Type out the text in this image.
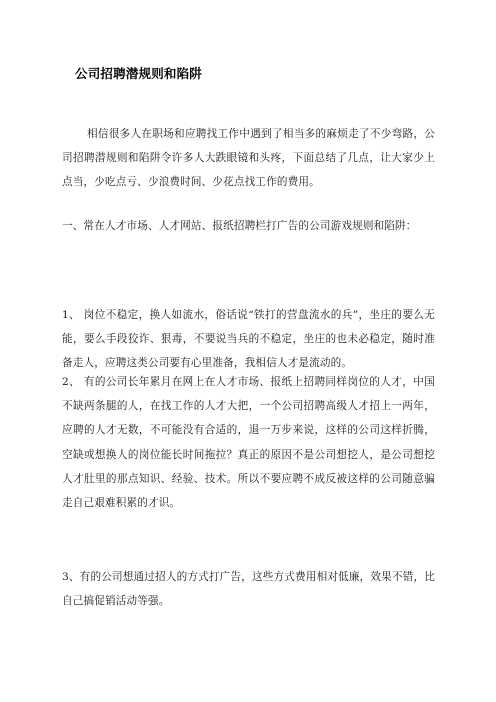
公司招聘潜规则和陷阱

相信很多人在职场和应聘找工作中遇到了相当多的麻烦走了不少弯路，公司招聘潜规则和陷阱令许多人大跌眼镜和头疼，下面总结了几点，让大家少上点当，少吃点亏、少浪费时间、少花点找工作的费用。

一、常在人才市场、人才网站、报纸招聘栏打广告的公司游戏规则和陷阱：

1、 岗位不稳定，换人如流水，俗话说“铁打的营盘流水的兵”，坐庄的要么无能，要么手段狡诈、狠毒，不要说当兵的不稳定，坐庄的也未必稳定，随时准备走人，应聘这类公司要有心里准备，我相信人才是流动的。

2、 有的公司长年累月在网上在人才市场、报纸上招聘同样岗位的人才，中国不缺两条腿的人，在找工作的人才大把，一个公司招聘高级人才招上一两年，应聘的人才无数，不可能没有合适的，退一万步来说，这样的公司这样折腾，空缺或想换人的岗位能长时间拖拉？真正的原因不是公司想挖人，是公司想挖人才肚里的那点知识、经验、技术。所以不要应聘不成反被这样的公司随意骗走自己艰难积累的才识。

3、有的公司想通过招人的方式打广告，这些方式费用相对低廉，效果不错，比自己搞促销活动等强。
